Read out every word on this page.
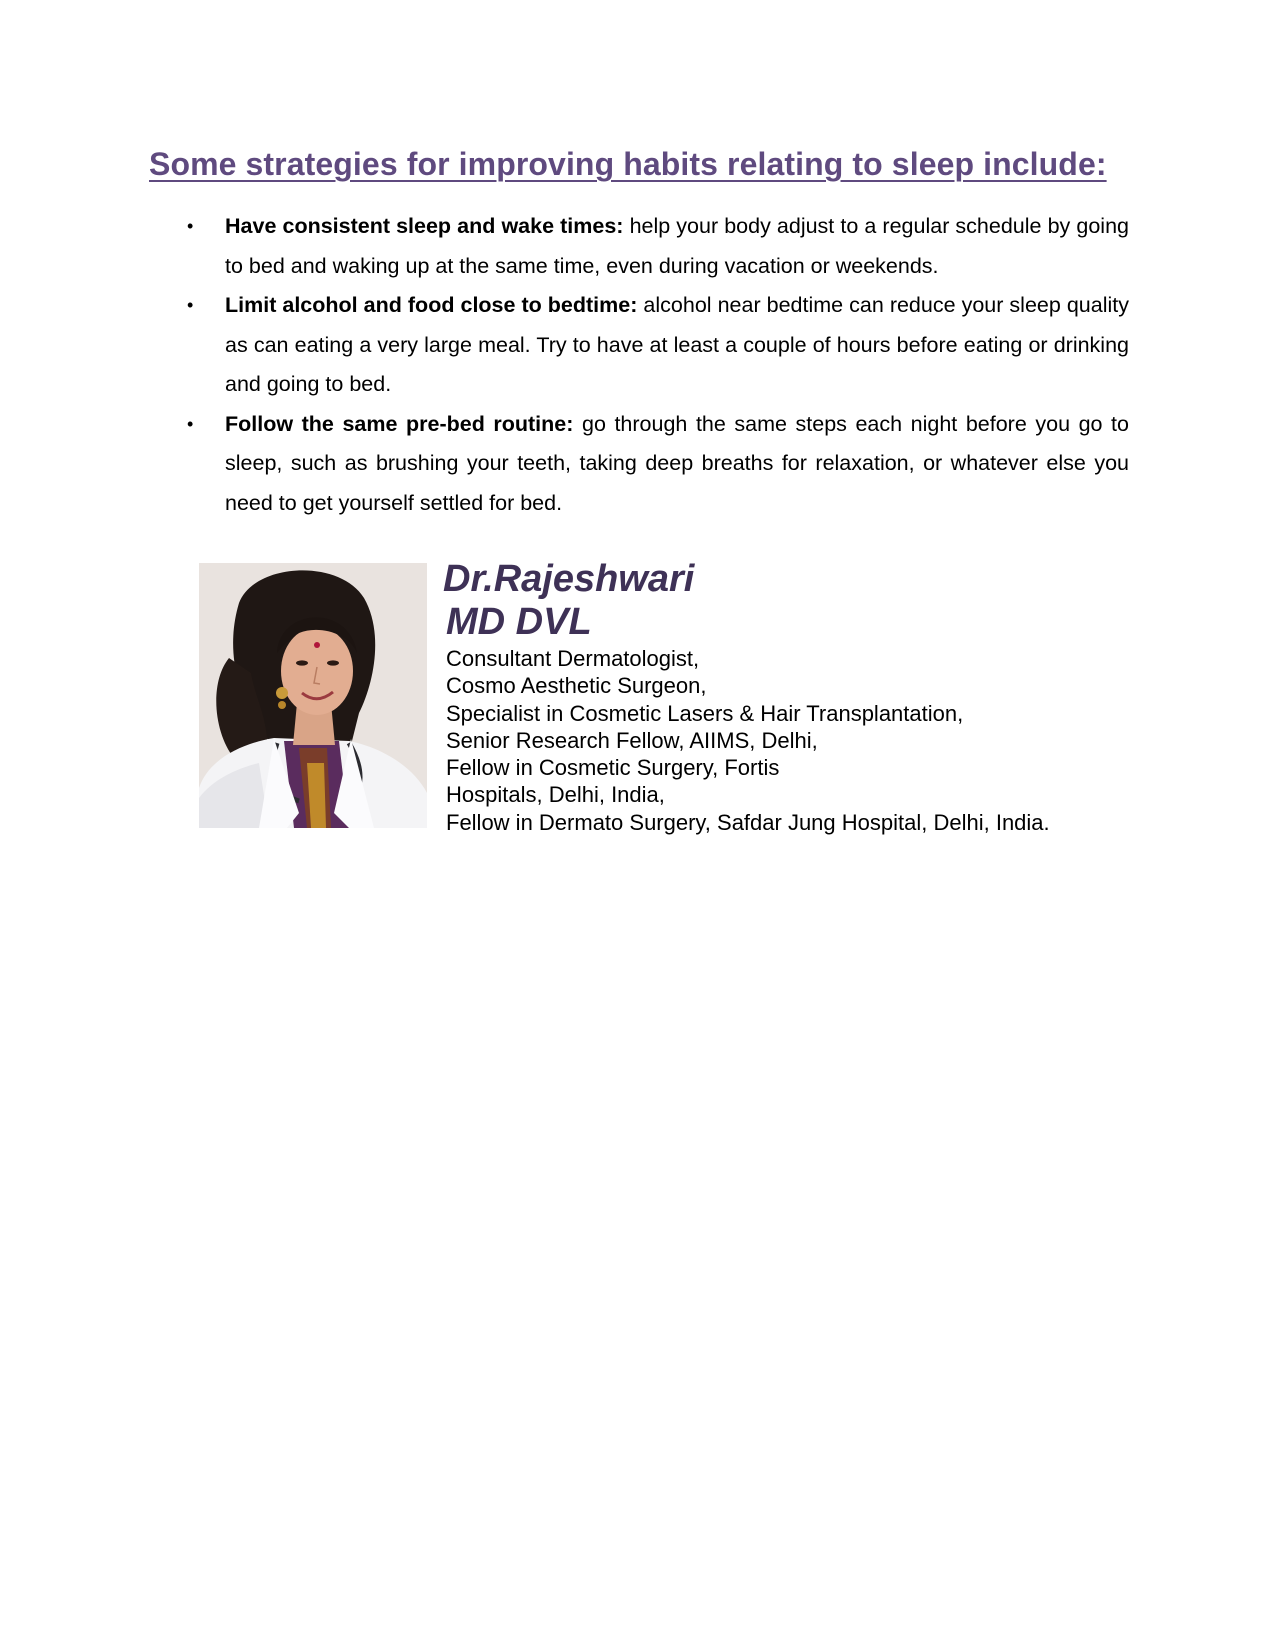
Some strategies for improving habits relating to sleep include:
• Have consistent sleep and wake times: help your body adjust to a regular schedule by going to bed and waking up at the same time, even during vacation or weekends.
• Limit alcohol and food close to bedtime: alcohol near bedtime can reduce your sleep quality as can eating a very large meal. Try to have at least a couple of hours before eating or drinking and going to bed.
• Follow the same pre-bed routine: go through the same steps each night before you go to sleep, such as brushing your teeth, taking deep breaths for relaxation, or whatever else you need to get yourself settled for bed.

Dr.Rajeshwari

MD DVL

Consultant Dermatologist,
Cosmo Aesthetic Surgeon,
Specialist in Cosmetic Lasers & Hair Transplantation,
Senior Research Fellow, AIIMS, Delhi,
Fellow in Cosmetic Surgery, Fortis
Hospitals, Delhi, India,
Fellow in Dermato Surgery, Safdar Jung Hospital, Delhi, India.
